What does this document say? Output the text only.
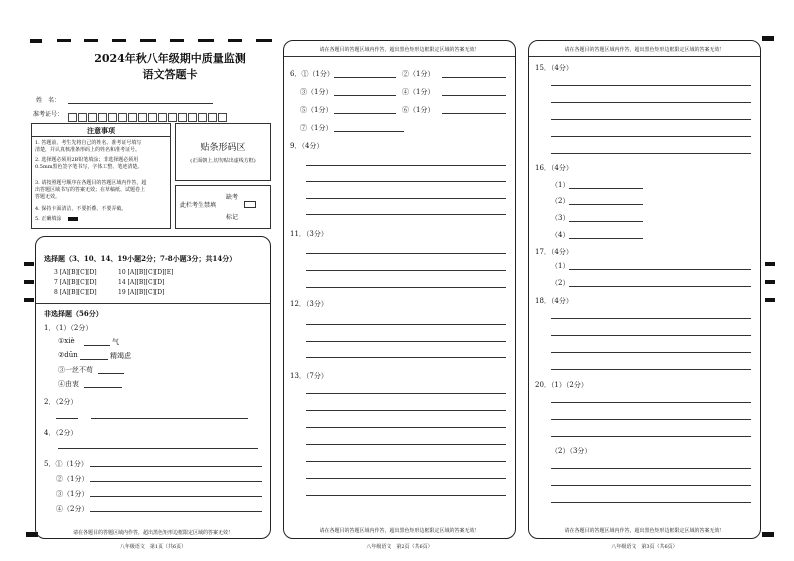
2024年秋八年级期中质量监测
语文答题卡
姓　名：
准考证号：
注意事项
1. 答题前，考生先将自己的姓名、准考证号填写
清楚，并认真核准条形码上的姓名和准考证号。
2. 选择题必须用2B铅笔填涂；非选择题必须用
0.5mm黑色签字笔书写，字体工整、笔迹清楚。
3. 请按照题号顺序在各题目的答题区域内作答，超
出答题区域书写的答案无效；在草稿纸、试题卷上
答题无效。
4. 保持卡面清洁，不要折叠、不要弄破。
5. 正确填涂
贴条形码区
(正面朝上,切勿贴出虚线方框)
缺考
此栏考生禁填
标记
选择题（3、10、14、19小题2分；7-8小题3分；共14分）
3 [A][B][C][D]	10 [A][B][C][D][E]
7 [A][B][C][D]	14 [A][B][C][D]
8 [A][B][C][D]	19 [A][B][C][D]
非选择题（56分）
1．（1）（2分）
①xiè	气
②dūn	精竭虑
③一丝不苟
④由衷
2．（2分）
4．（2分）
5．①（1分）
②（1分）
③（1分）
④（2分）
请在各题目的答题区域内作答，超出黑色矩形边框限定区域的答案无效！
八年级语文　第1页（共6页）
请在各题目的答题区域内作答，超出黑色矩形边框限定区域的答案无效！
6．①（1分）	②（1分）
③（1分）	④（1分）
⑤（1分）	⑥（1分）
⑦（1分）
9．（4分）
11．（3分）
12．（3分）
13．（7分）
请在各题目的答题区域内作答，超出黑色矩形边框限定区域的答案无效！
八年级语文　第2页（共6页）
请在各题目的答题区域内作答，超出黑色矩形边框限定区域的答案无效！
15．（4分）
16．（4分）
（1）
（2）
（3）
（4）
17．（4分）
（1）
（2）
18．（4分）
20．（1）（2分）
（2）（3分）
请在各题目的答题区域内作答，超出黑色矩形边框限定区域的答案无效！
八年级语文　第3页（共6页）
